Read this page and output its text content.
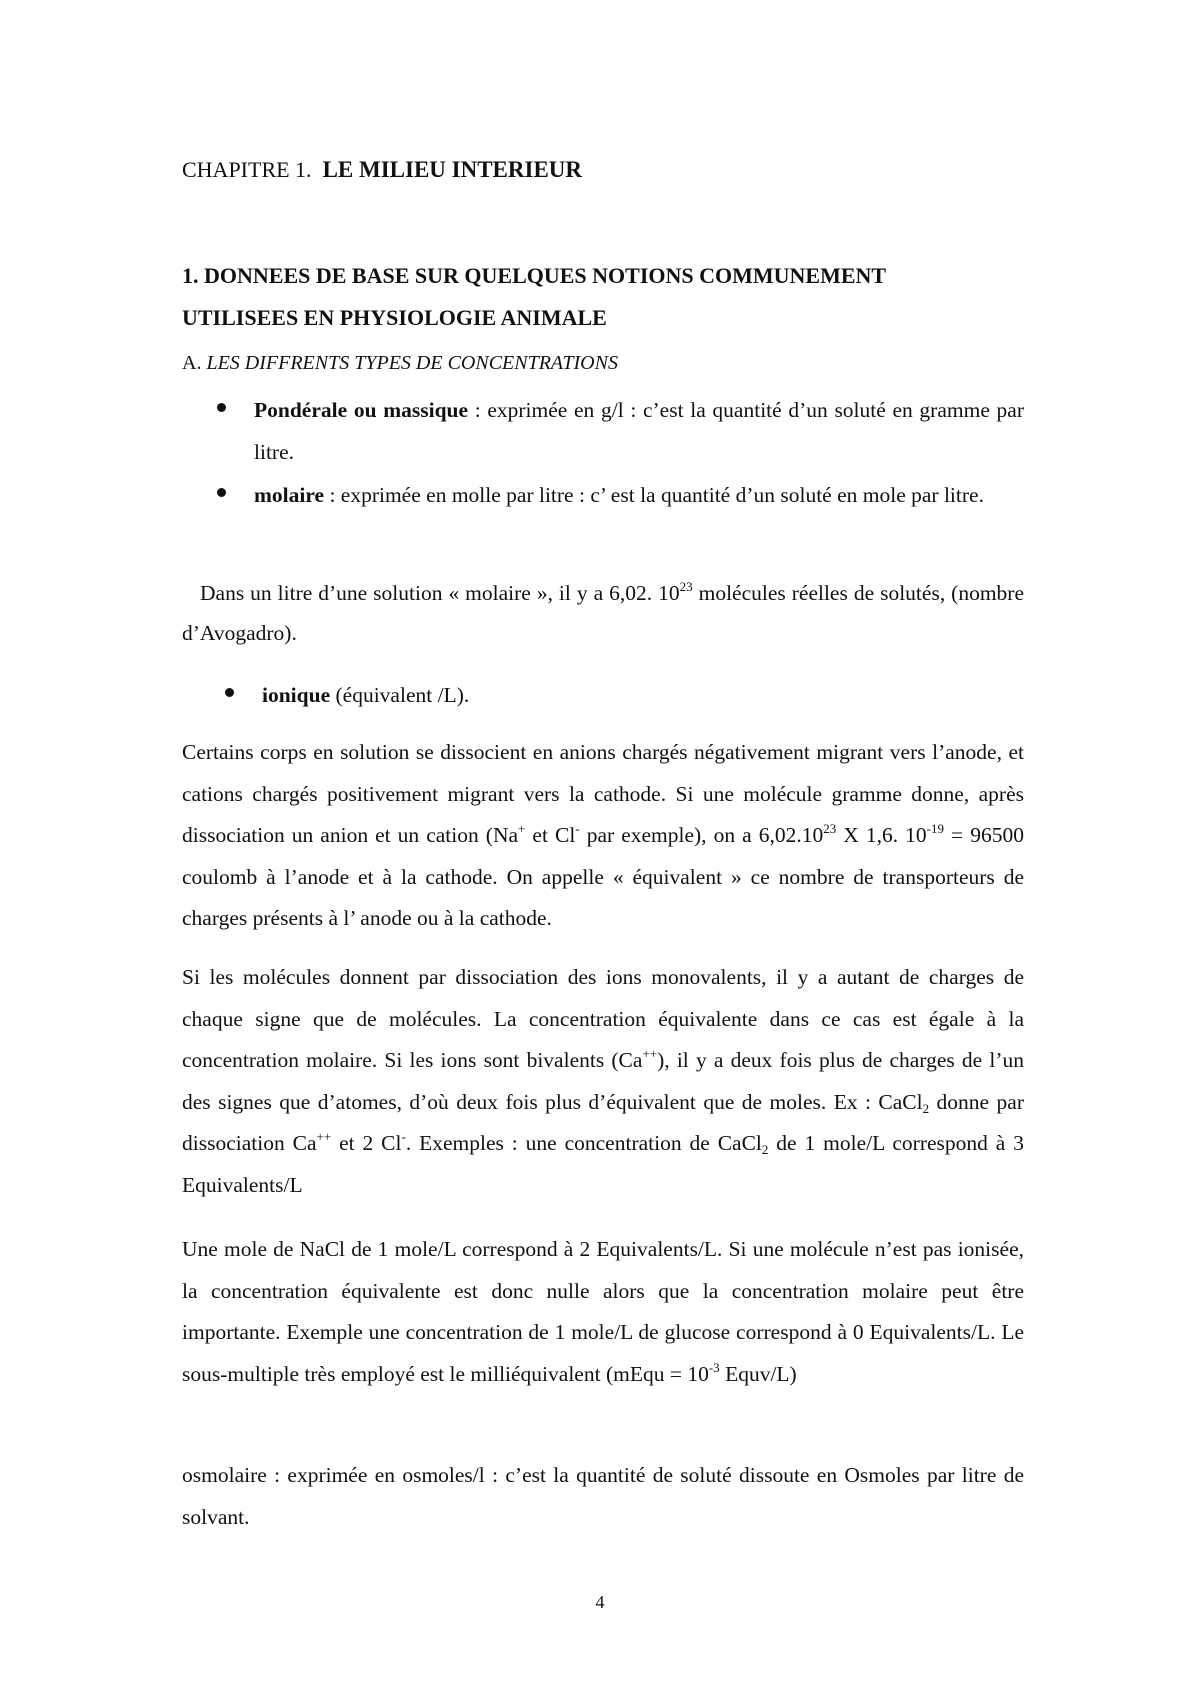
CHAPITRE 1. LE MILIEU INTERIEUR
1. DONNEES DE BASE SUR QUELQUES NOTIONS COMMUNEMENT
UTILISEES EN PHYSIOLOGIE ANIMALE
A. LES DIFFRENTS TYPES DE CONCENTRATIONS
Pondérale ou massique : exprimée en g/l : c’est la quantité d’un soluté en gramme par litre.
molaire : exprimée en molle par litre : c’ est la quantité d’un soluté en mole par litre.
Dans un litre d’une solution « molaire », il y a 6,02. $10^{23}$ molécules réelles de solutés, (nombre d’Avogadro).
ionique (équivalent /L).
Certains corps en solution se dissocient en anions chargés négativement migrant vers l’anode, et cations chargés positivement migrant vers la cathode. Si une molécule gramme donne, après dissociation un anion et un cation (Na+ et Cl- par exemple), on a 6,02.10$^{23}$ X 1,6. $10^{-19} = 96500$ coulomb à l’anode et à la cathode. On appelle « équivalent » ce nombre de transporteurs de charges présents à l’ anode ou à la cathode.
Si les molécules donnent par dissociation des ions monovalents, il y a autant de charges de chaque signe que de molécules. La concentration équivalente dans ce cas est égale à la concentration molaire. Si les ions sont bivalents (Ca++), il y a deux fois plus de charges de l’un des signes que d’atomes, d’où deux fois plus d’équivalent que de moles. Ex : CaCl$_2$ donne par dissociation Ca++ et 2 Cl-. Exemples : une concentration de CaCl$_2$ de 1 mole/L correspond à 3 Equivalents/L
Une mole de NaCl de 1 mole/L correspond à 2 Equivalents/L. Si une molécule n’est pas ionisée, la concentration équivalente est donc nulle alors que la concentration molaire peut être importante. Exemple une concentration de 1 mole/L de glucose correspond à 0 Equivalents/L. Le sous-multiple très employé est le milliéquivalent (mEqu = $10^{-3}$ Equv/L)
osmolaire : exprimée en osmoles/l : c’est la quantité de soluté dissoute en Osmoles par litre de solvant.
4
